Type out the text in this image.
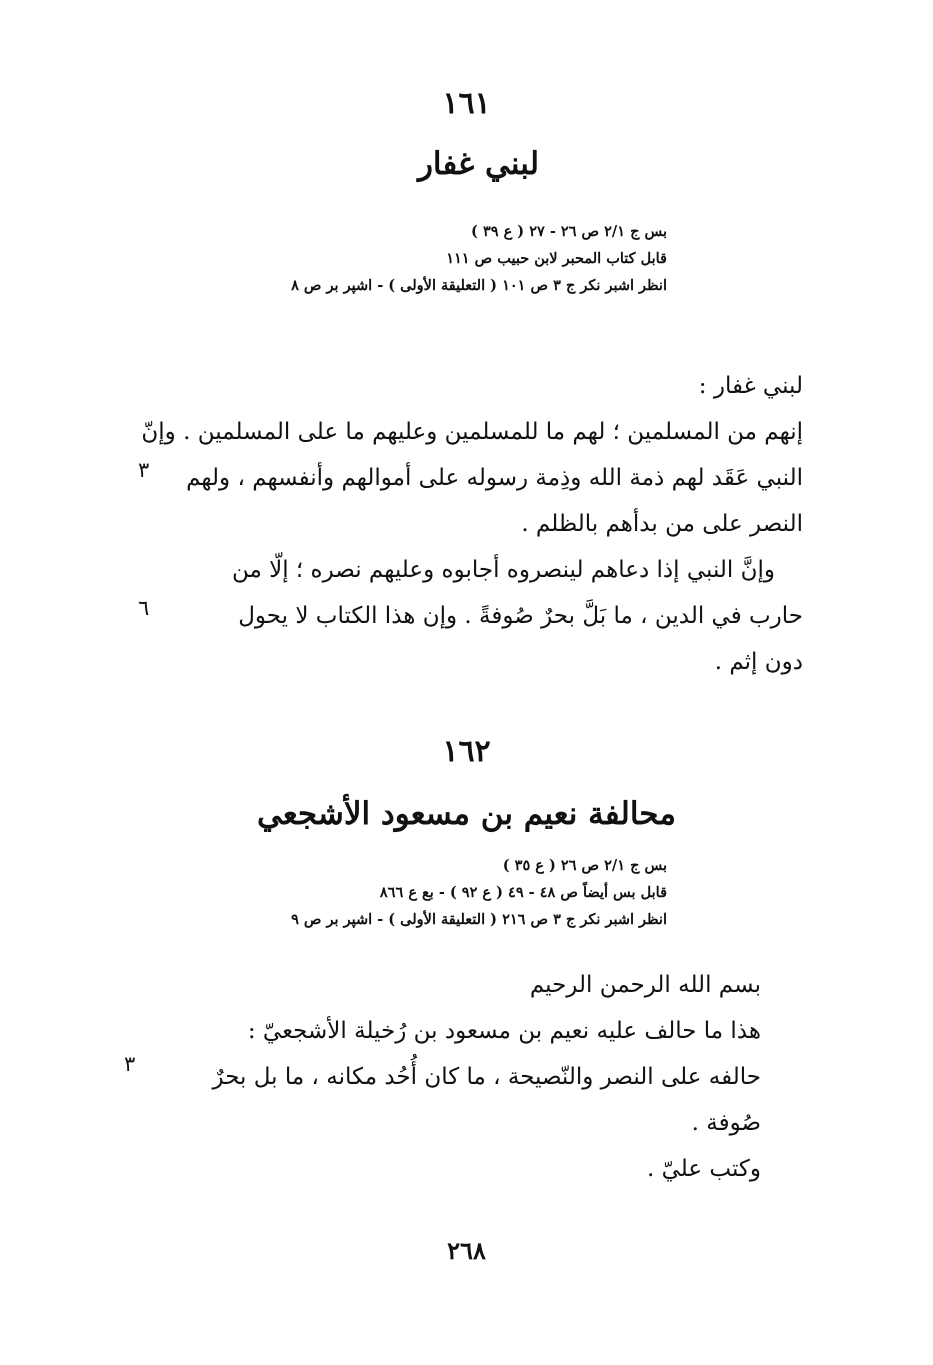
١٦١
لبني غفار
بس ج ٢/١ ص ٢٦ - ٢٧ ( ع ٣٩ )
قابل كتاب المحبر لابن حبيب ص ١١١
انظر اشبر نكر ج ٣ ص ١٠١ ( التعليقة الأولى ) - اشپر بر ص ٨
لبني غفار :
إنهم من المسلمين ؛ لهم ما للمسلمين وعليهم ما على المسلمين . وإنّ
النبي عَقَد لهم ذمة الله وذِمة رسوله على أموالهم وأنفسهم ، ولهم
النصر على من بدأهم بالظلم .
وإنَّ النبي إذا دعاهم لينصروه أجابوه وعليهم نصره ؛ إلّا من
حارب في الدين ، ما بَلَّ بحرٌ صُوفةً . وإن هذا الكتاب لا يحول
دون إثم .
٣
٦
١٦٢
محالفة نعيم بن مسعود الأشجعي
بس ج ٢/١ ص ٢٦ ( ع ٣٥ )
قابل بس أيضاً ص ٤٨ - ٤٩ ( ع ٩٢ ) - بع ع ٨٦٦
انظر اشبر نكر ج ٣ ص ٢١٦ ( التعليقة الأولى ) - اشپر بر ص ٩
بسم الله الرحمن الرحيم
هذا ما حالف عليه نعيم بن مسعود بن رُخيلة الأشجعيّ :
حالفه على النصر والنّصيحة ، ما كان أُحُد مكانه ، ما بل بحرٌ
صُوفة .
وكتب عليّ .
٣
٢٦٨
